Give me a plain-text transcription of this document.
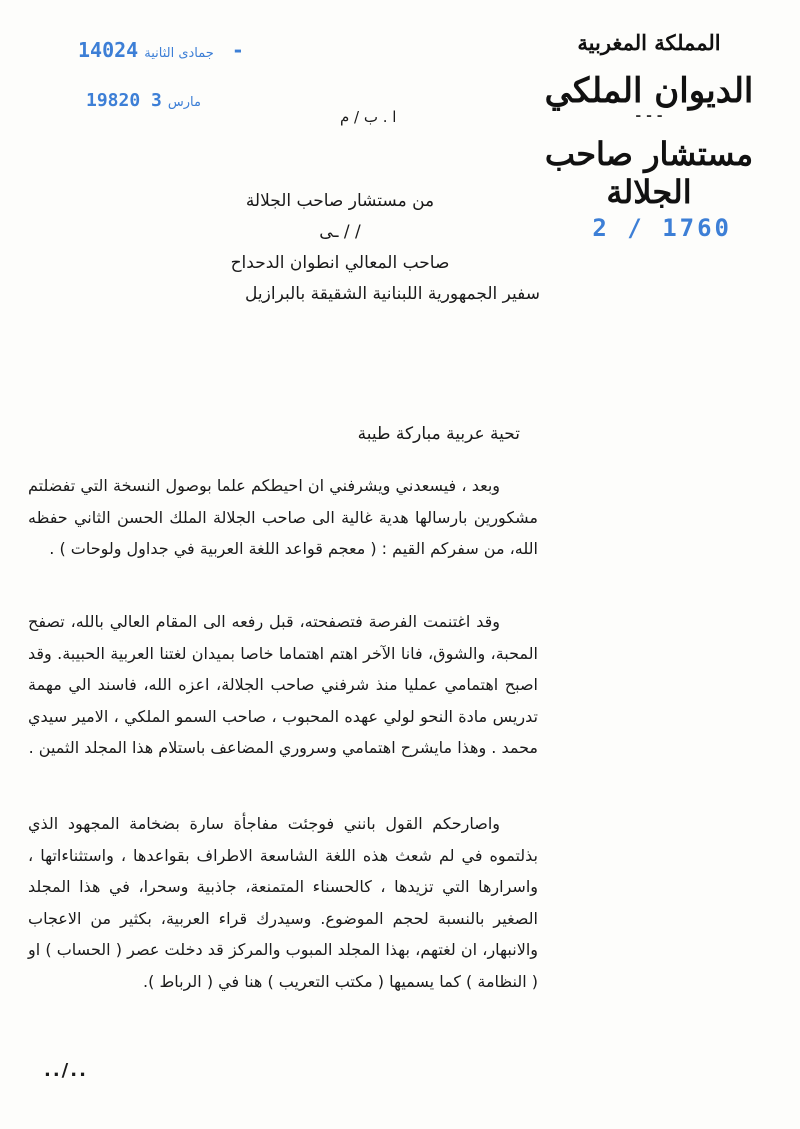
1402 جمادى الثانية4 -
1982	مارس3 0
المملكة المغربية
الديوان الملكي
- - -
مستشار صاحب الجلالة
2 / 1760
ا . ب / م
من مستشار صاحب الجلالة
/ / ـى
صاحب المعالي انطوان الدحداح
سفير الجمهورية اللبنانية الشقيقة بالبرازيل
تحية عربية مباركة طيبة

وبعد ، فيسعدني ويشرفني ان احيطكم علما بوصول النسخة التي تفضلتم مشكورين بارسالها هدية غالية الى صاحب الجلالة الملك الحسن الثاني حفظه الله، من سفركم القيم : ( معجم قواعد اللغة العربية في جداول ولوحات ) .

وقد اغتنمت الفرصة فتصفحته، قبل رفعه الى المقام العالي بالله، تصفح المحبة، والشوق، فانا الآخر اهتم اهتماما خاصا بميدان لغتنا العربية الحبيبة. وقد اصبح اهتمامي عمليا منذ شرفني صاحب الجلالة، اعزه الله، فاسند الي مهمة تدريس مادة النحو لولي عهده المحبوب ، صاحب السمو الملكي ، الامير سيدي محمد . وهذا مايشرح اهتمامي وسروري المضاعف باستلام هذا المجلد الثمين .

واصارحكم القول بانني فوجئت مفاجأة سارة بضخامة المجهود الذي بذلتموه في لم شعث هذه اللغة الشاسعة الاطراف بقواعدها ، واستثناءاتها ، واسرارها التي تزيدها ، كالحسناء المتمنعة، جاذبية وسحرا، في هذا المجلد الصغير بالنسبة لحجم الموضوع. وسيدرك قراء العربية، بكثير من الاعجاب والانبهار، ان لغتهم، بهذا المجلد المبوب والمركز قد دخلت عصر ( الحساب ) او ( النظامة ) كما يسميها ( مكتب التعريب ) هنا في ( الرباط ).

../..
